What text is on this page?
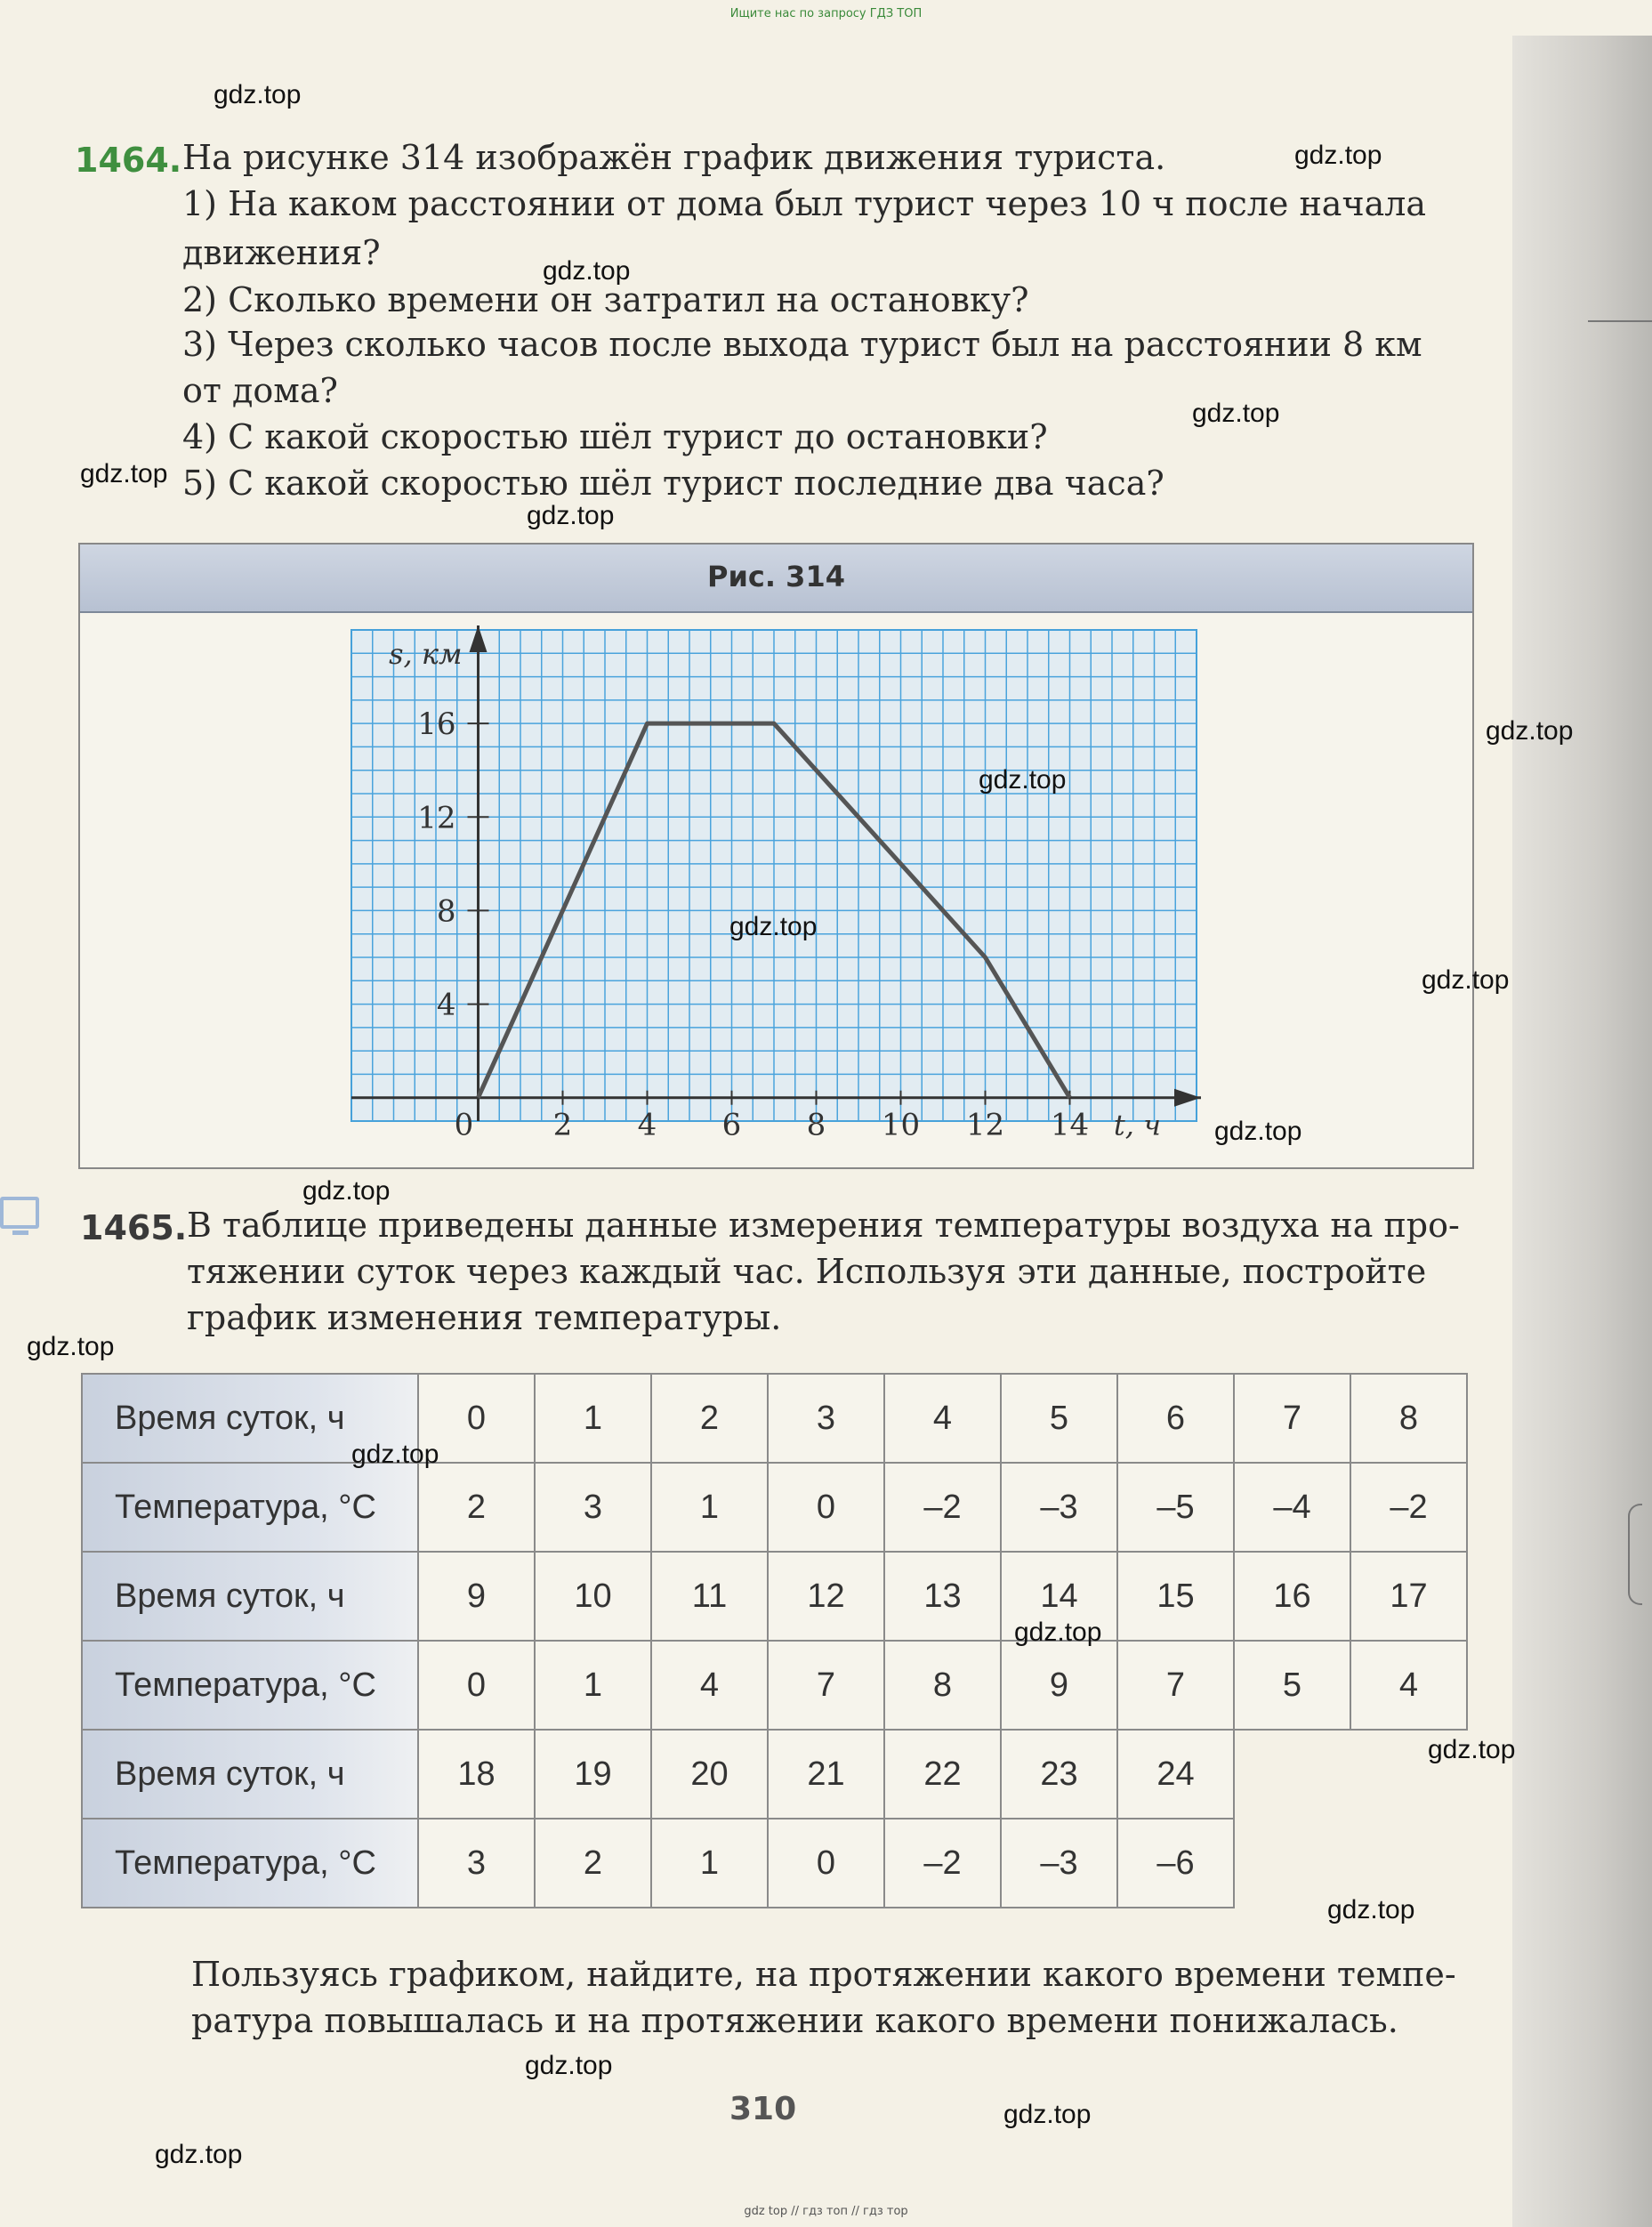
Ищите нас по запросу ГДЗ ТОП
1464. На рисунке 314 изображён график движения туриста.
1) На каком расстоянии от дома был турист через 10 ч после начала
движения?
2) Сколько времени он затратил на остановку?
3) Через сколько часов после выхода турист был на расстоянии 8 км
от дома?
4) С какой скоростью шёл турист до остановки?
5) С какой скоростью шёл турист последние два часа?
Рис. 314
0	2 4 6 8 10 12 14
4
8
12
16
s, км
t, ч
1465. В таблице приведены данные измерения температуры воздуха на про-
тяжении суток через каждый час. Используя эти данные, постройте
график изменения температуры.
Время суток, ч	0	1	2	3	4	5	6	7	8
Температура, °C	2	3	1	0	–2	–3	–5	–4	–2
Время суток, ч	9	10	11	12	13	14	15	16	17
Температура, °C	0	1	4	7	8	9	7	5	4
Время суток, ч	18	19	20	21	22	23	24
Температура, °C	3	2	1	0	–2	–3	–6
Пользуясь графиком, найдите, на протяжении какого времени темпе-
ратура повышалась и на протяжении какого времени понижалась.
310
gdz.top
gdz.top
gdz.top
gdz.top
gdz.top
gdz.top
gdz.top
gdz.top
gdz.top
gdz.top
gdz.top
gdz.top
gdz.top
gdz.top
gdz.top
gdz.top
gdz.top
gdz.top
gdz.top
gdz.top
gdz top // гдз топ // гдз тор
